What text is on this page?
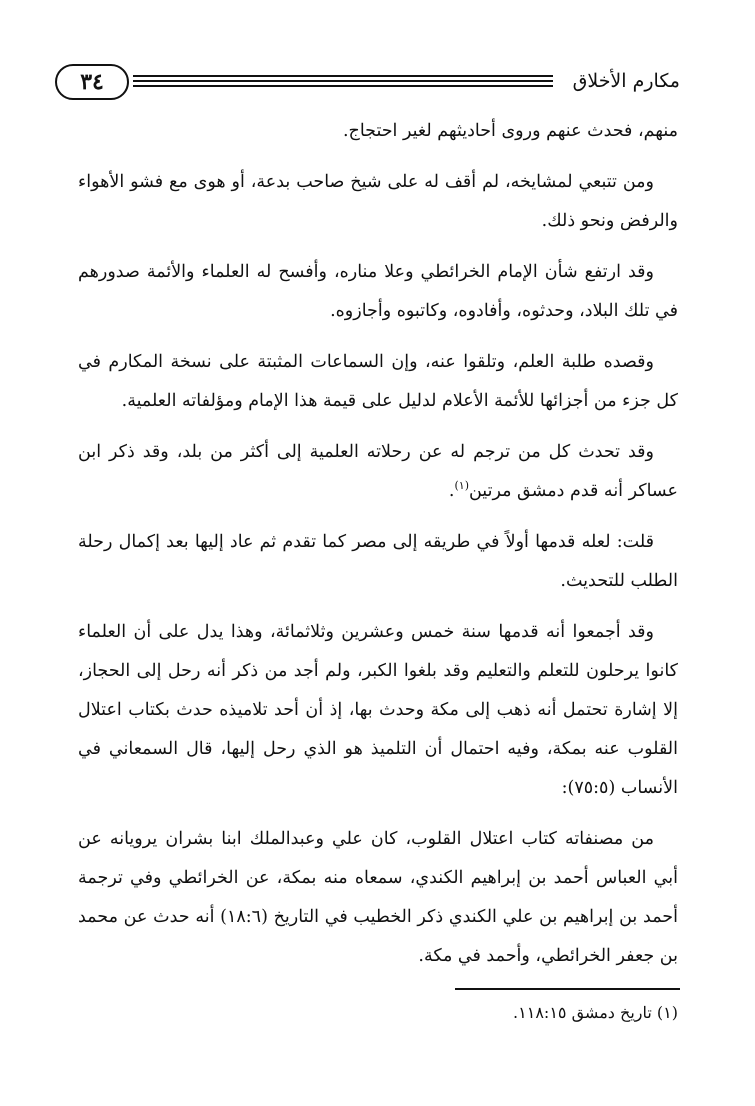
٣٤	مكارم الأخلاق

منهم، فحدث عنهم وروى أحاديثهم لغير احتجاج.

ومن تتبعي لمشايخه، لم أقف له على شيخ صاحب بدعة، أو هوى مع فشو الأهواء والرفض ونحو ذلك.

وقد ارتفع شأن الإمام الخرائطي وعلا مناره، وأفسح له العلماء والأئمة صدورهم في تلك البلاد، وحدثوه، وأفادوه، وكاتبوه وأجازوه.

وقصده طلبة العلم، وتلقوا عنه، وإن السماعات المثبتة على نسخة المكارم في كل جزء من أجزائها للأئمة الأعلام لدليل على قيمة هذا الإمام ومؤلفاته العلمية.

وقد تحدث كل من ترجم له عن رحلاته العلمية إلى أكثر من بلد، وقد ذكر ابن عساكر أنه قدم دمشق مرتين$^{(١)}$.

قلت: لعله قدمها أولاً في طريقه إلى مصر كما تقدم ثم عاد إليها بعد إكمال رحلة الطلب للتحديث.

وقد أجمعوا أنه قدمها سنة خمس وعشرين وثلاثمائة، وهذا يدل على أن العلماء كانوا يرحلون للتعلم والتعليم وقد بلغوا الكبر، ولم أجد من ذكر أنه رحل إلى الحجاز، إلا إشارة تحتمل أنه ذهب إلى مكة وحدث بها، إذ أن أحد تلاميذه حدث بكتاب اعتلال القلوب عنه بمكة، وفيه احتمال أن التلميذ هو الذي رحل إليها، قال السمعاني في الأنساب (٧٥:٥):

من مصنفاته كتاب اعتلال القلوب، كان علي وعبدالملك ابنا بشران يرويانه عن أبي العباس أحمد بن إبراهيم الكندي، سمعاه منه بمكة، عن الخرائطي وفي ترجمة أحمد بن إبراهيم بن علي الكندي ذكر الخطيب في التاريخ (١٨:٦) أنه حدث عن محمد بن جعفر الخرائطي، وأحمد في مكة.

(١) تاريخ دمشق ١١٨:١٥.
